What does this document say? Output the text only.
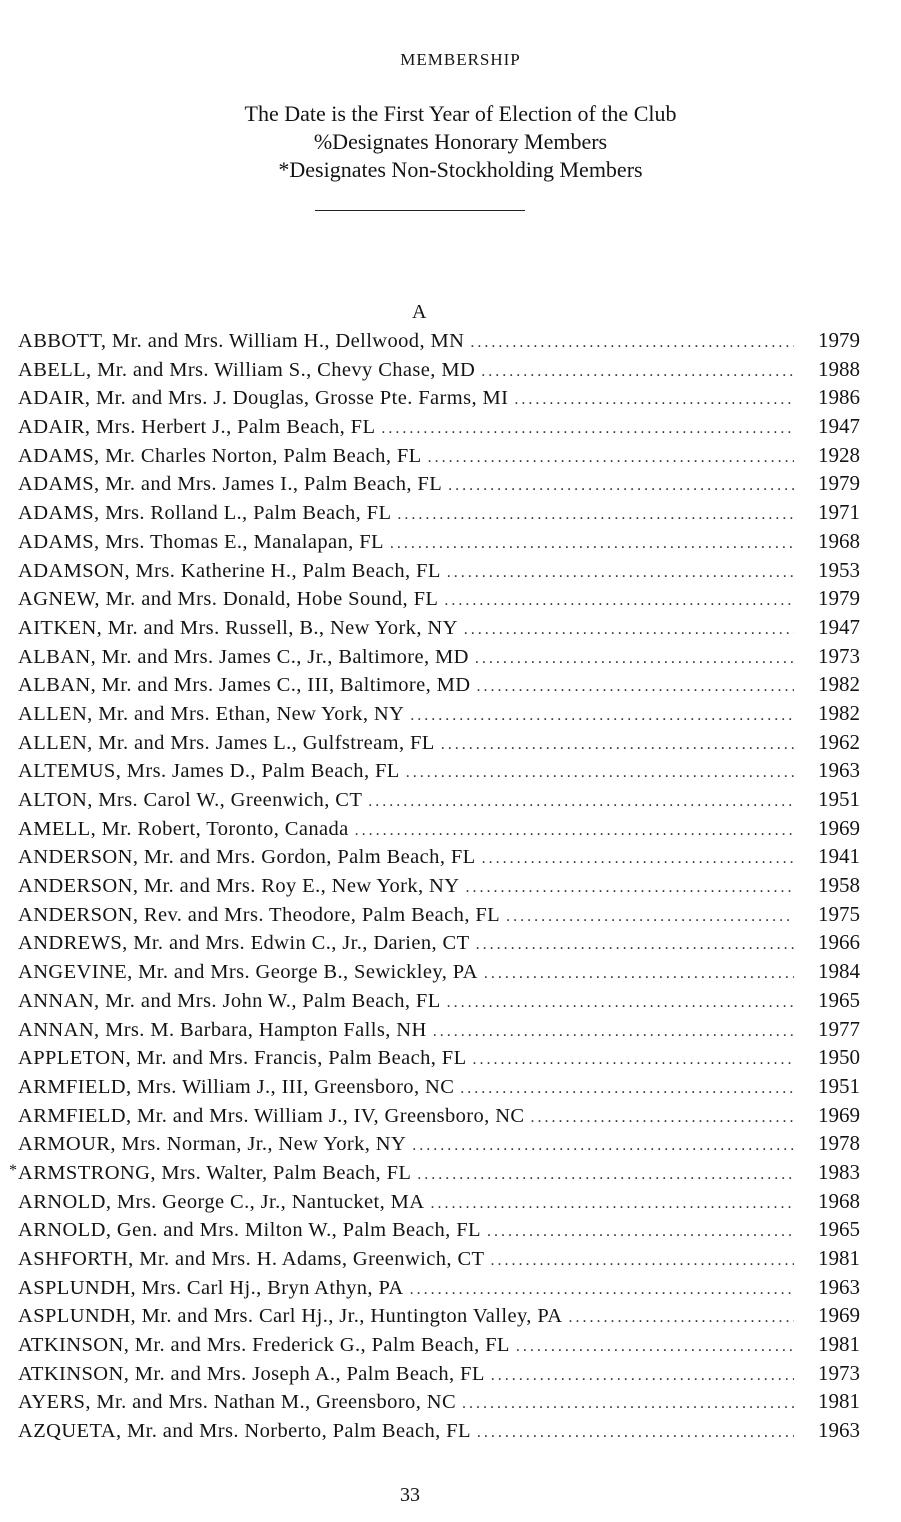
MEMBERSHIP
The Date is the First Year of Election of the Club
%Designates Honorary Members
*Designates Non-Stockholding Members
A
ABBOTT, Mr. and Mrs. William H., Dellwood, MN . . .	1979
ABELL, Mr. and Mrs. William S., Chevy Chase, MD . . .	1988
ADAIR, Mr. and Mrs. J. Douglas, Grosse Pte. Farms, MI . . .	1986
ADAIR, Mrs. Herbert J., Palm Beach, FL . . .	1947
ADAMS, Mr. Charles Norton, Palm Beach, FL . . .	1928
ADAMS, Mr. and Mrs. James I., Palm Beach, FL . . .	1979
ADAMS, Mrs. Rolland L., Palm Beach, FL . . .	1971
ADAMS, Mrs. Thomas E., Manalapan, FL . . .	1968
ADAMSON, Mrs. Katherine H., Palm Beach, FL . . .	1953
AGNEW, Mr. and Mrs. Donald, Hobe Sound, FL . . .	1979
AITKEN, Mr. and Mrs. Russell, B., New York, NY . . .	1947
ALBAN, Mr. and Mrs. James C., Jr., Baltimore, MD . . .	1973
ALBAN, Mr. and Mrs. James C., III, Baltimore, MD . . .	1982
ALLEN, Mr. and Mrs. Ethan, New York, NY . . .	1982
ALLEN, Mr. and Mrs. James L., Gulfstream, FL . . .	1962
ALTEMUS, Mrs. James D., Palm Beach, FL . . .	1963
ALTON, Mrs. Carol W., Greenwich, CT . . .	1951
AMELL, Mr. Robert, Toronto, Canada . . .	1969
ANDERSON, Mr. and Mrs. Gordon, Palm Beach, FL . . .	1941
ANDERSON, Mr. and Mrs. Roy E., New York, NY . . .	1958
ANDERSON, Rev. and Mrs. Theodore, Palm Beach, FL . . .	1975
ANDREWS, Mr. and Mrs. Edwin C., Jr., Darien, CT . . .	1966
ANGEVINE, Mr. and Mrs. George B., Sewickley, PA . . .	1984
ANNAN, Mr. and Mrs. John W., Palm Beach, FL . . .	1965
ANNAN, Mrs. M. Barbara, Hampton Falls, NH . . .	1977
APPLETON, Mr. and Mrs. Francis, Palm Beach, FL . . .	1950
ARMFIELD, Mrs. William J., III, Greensboro, NC . . .	1951
ARMFIELD, Mr. and Mrs. William J., IV, Greensboro, NC . . .	1969
ARMOUR, Mrs. Norman, Jr., New York, NY . . .	1978
* ARMSTRONG, Mrs. Walter, Palm Beach, FL . . .	1983
ARNOLD, Mrs. George C., Jr., Nantucket, MA . . .	1968
ARNOLD, Gen. and Mrs. Milton W., Palm Beach, FL . . .	1965
ASHFORTH, Mr. and Mrs. H. Adams, Greenwich, CT . . .	1981
ASPLUNDH, Mrs. Carl Hj., Bryn Athyn, PA . . .	1963
ASPLUNDH, Mr. and Mrs. Carl Hj., Jr., Huntington Valley, PA . . .	1969
ATKINSON, Mr. and Mrs. Frederick G., Palm Beach, FL . . .	1981
ATKINSON, Mr. and Mrs. Joseph A., Palm Beach, FL . . .	1973
AYERS, Mr. and Mrs. Nathan M., Greensboro, NC . . .	1981
AZQUETA, Mr. and Mrs. Norberto, Palm Beach, FL . . .	1963
33
